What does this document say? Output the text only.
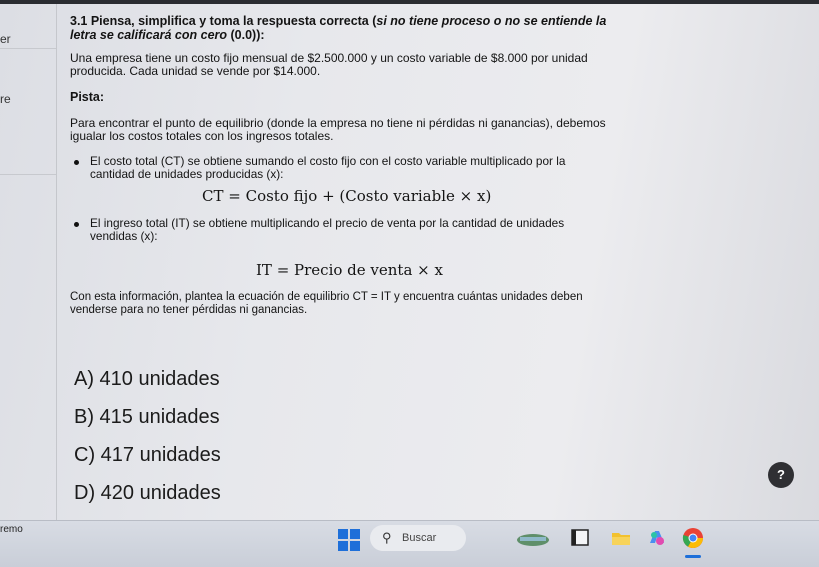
er
re
3.1 Piensa, simplifica y toma la respuesta correcta (si no tiene proceso o no se entiende la letra se calificará con cero (0.0)):
Una empresa tiene un costo fijo mensual de $2.500.000 y un costo variable de $8.000 por unidad producida. Cada unidad se vende por $14.000.
Pista:
Para encontrar el punto de equilibrio (donde la empresa no tiene ni pérdidas ni ganancias), debemos igualar los costos totales con los ingresos totales.
El costo total (CT) se obtiene sumando el costo fijo con el costo variable multiplicado por la cantidad de unidades producidas (x):
CT = Costo fijo + (Costo variable × x)
El ingreso total (IT) se obtiene multiplicando el precio de venta por la cantidad de unidades vendidas (x):
IT = Precio de venta × x
Con esta información, plantea la ecuación de equilibrio CT = IT y encuentra cuántas unidades deben venderse para no tener pérdidas ni ganancias.
A) 410 unidades
B) 415 unidades
C) 417 unidades
D) 420 unidades
?
remo
⚲ Buscar
